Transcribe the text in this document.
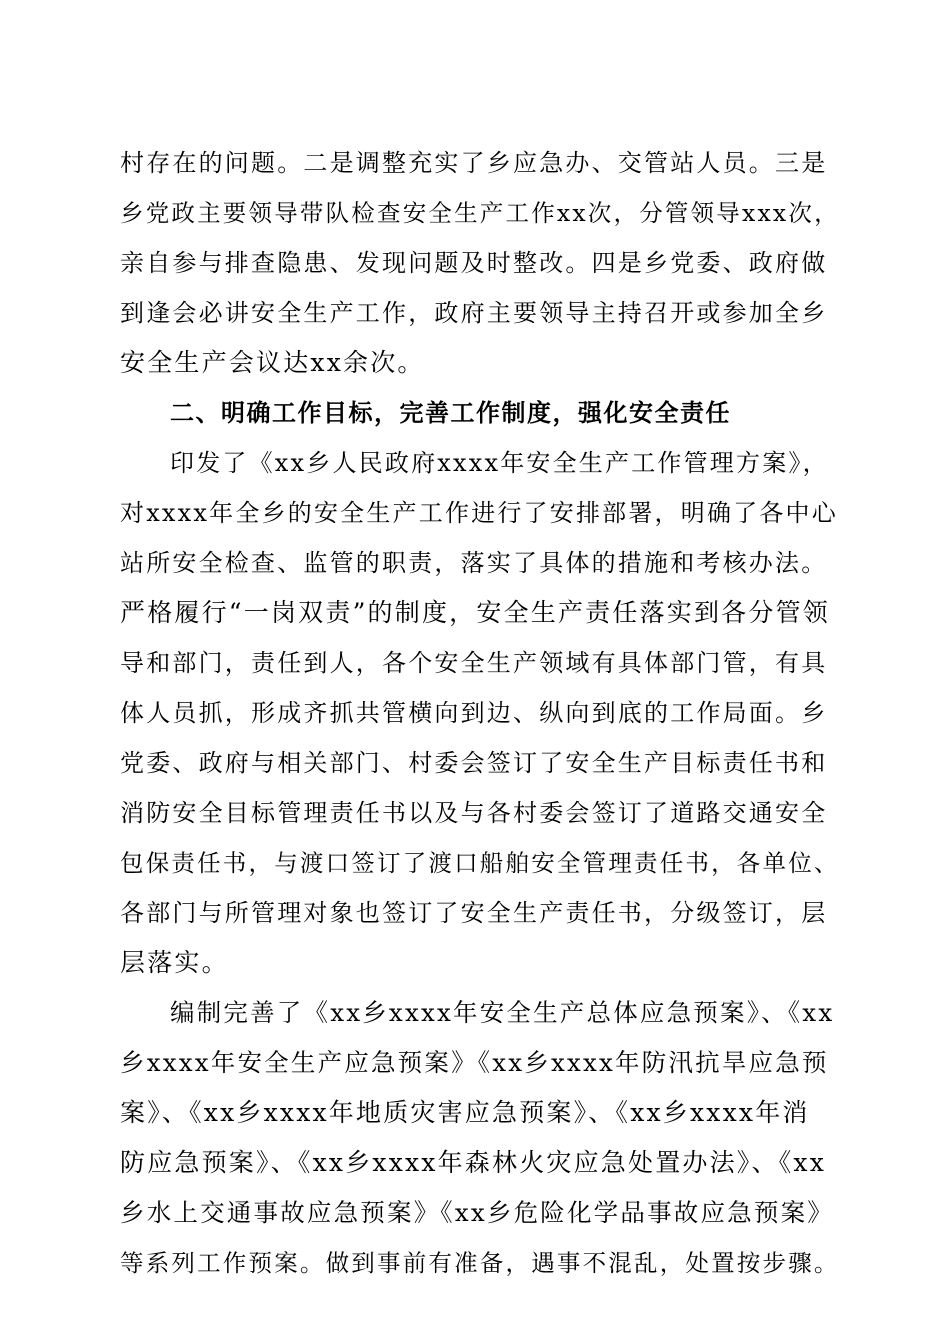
村存在的问题。二是调整充实了乡应急办、交管站人员。三是
乡党政主要领导带队检查安全生产工作xx次，分管领导xxx次，
亲自参与排查隐患、发现问题及时整改。四是乡党委、政府做
到逢会必讲安全生产工作，政府主要领导主持召开或参加全乡
安全生产会议达xx余次。
二、明确工作目标，完善工作制度，强化安全责任
印发了《xx乡人民政府xxxx年安全生产工作管理方案》，
对xxxx年全乡的安全生产工作进行了安排部署，明确了各中心
站所安全检查、监管的职责，落实了具体的措施和考核办法。
严格履行“一岗双责”的制度，安全生产责任落实到各分管领
导和部门，责任到人，各个安全生产领域有具体部门管，有具
体人员抓，形成齐抓共管横向到边、纵向到底的工作局面。乡
党委、政府与相关部门、村委会签订了安全生产目标责任书和
消防安全目标管理责任书以及与各村委会签订了道路交通安全
包保责任书，与渡口签订了渡口船舶安全管理责任书，各单位、
各部门与所管理对象也签订了安全生产责任书，分级签订，层
层落实。
编制完善了《xx乡xxxx年安全生产总体应急预案》、《xx
乡xxxx年安全生产应急预案》《xx乡xxxx年防汛抗旱应急预
案》、《xx乡xxxx年地质灾害应急预案》、《xx乡xxxx年消
防应急预案》、《xx乡xxxx年森林火灾应急处置办法》、《xx
乡水上交通事故应急预案》《xx乡危险化学品事故应急预案》
等系列工作预案。做到事前有准备，遇事不混乱，处置按步骤。
